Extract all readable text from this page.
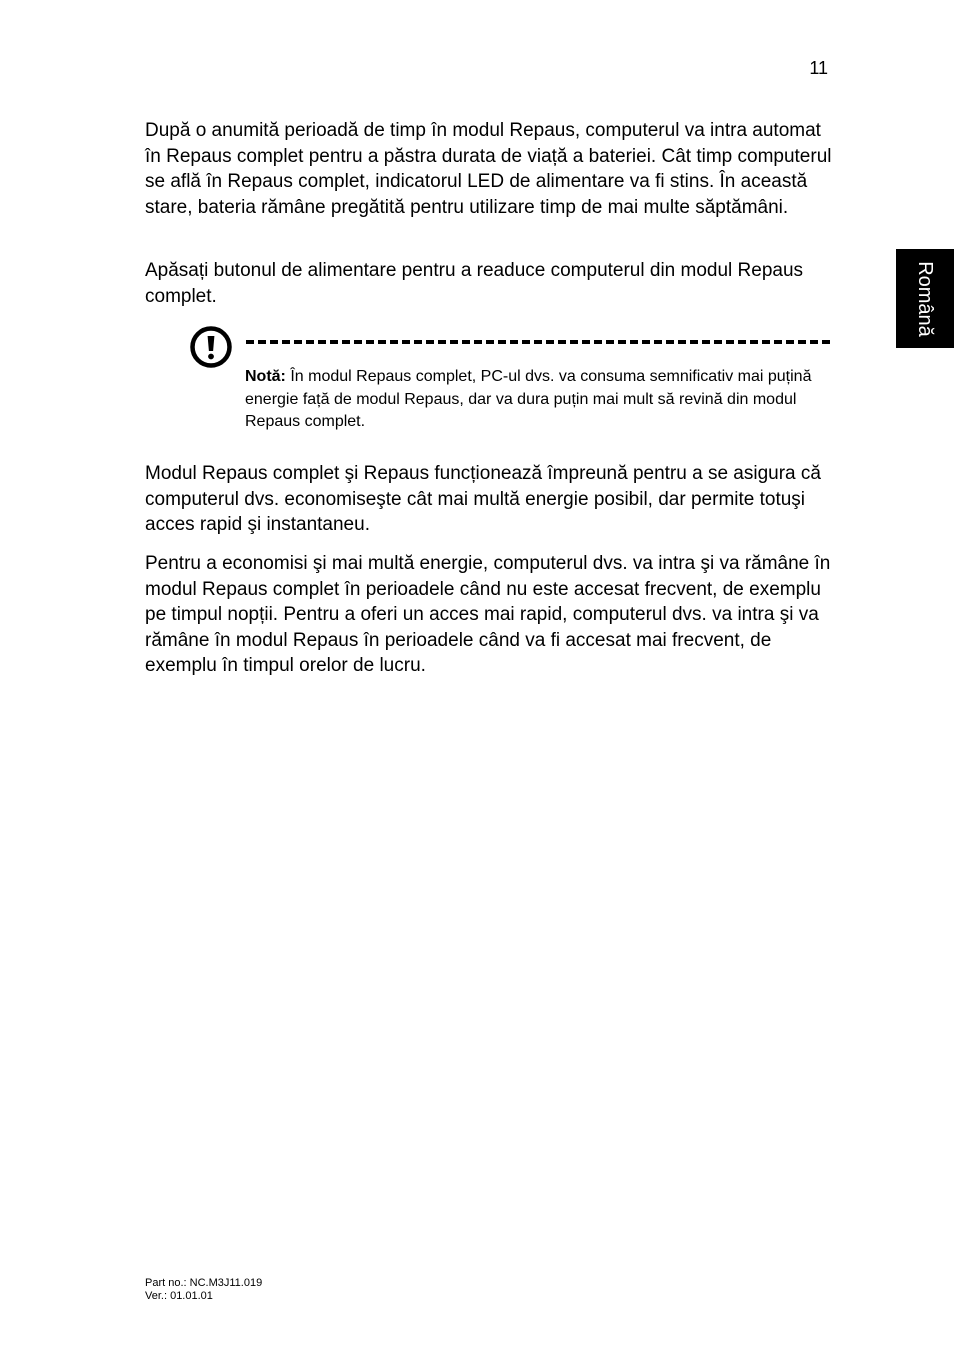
11
Română

După o anumită perioadă de timp în modul Repaus, computerul va intra automat în Repaus complet pentru a păstra durata de viață a bateriei. Cât timp computerul se află în Repaus complet, indicatorul LED de alimentare va fi stins. În această stare, bateria rămâne pregătită pentru utilizare timp de mai multe săptămâni.

Apăsați butonul de alimentare pentru a readuce computerul din modul Repaus complet.

Notă: În modul Repaus complet, PC-ul dvs. va consuma semnificativ mai puțină energie față de modul Repaus, dar va dura puțin mai mult să revină din modul Repaus complet.

Modul Repaus complet şi Repaus funcționează împreună pentru a se asigura că computerul dvs. economiseşte cât mai multă energie posibil, dar permite totuşi acces rapid şi instantaneu.

Pentru a economisi şi mai multă energie, computerul dvs. va intra şi va rămâne în modul Repaus complet în perioadele când nu este accesat frecvent, de exemplu pe timpul nopții. Pentru a oferi un acces mai rapid, computerul dvs. va intra şi va rămâne în modul Repaus în perioadele când va fi accesat mai frecvent, de exemplu în timpul orelor de lucru.

Part no.: NC.M3J11.019
Ver.: 01.01.01
